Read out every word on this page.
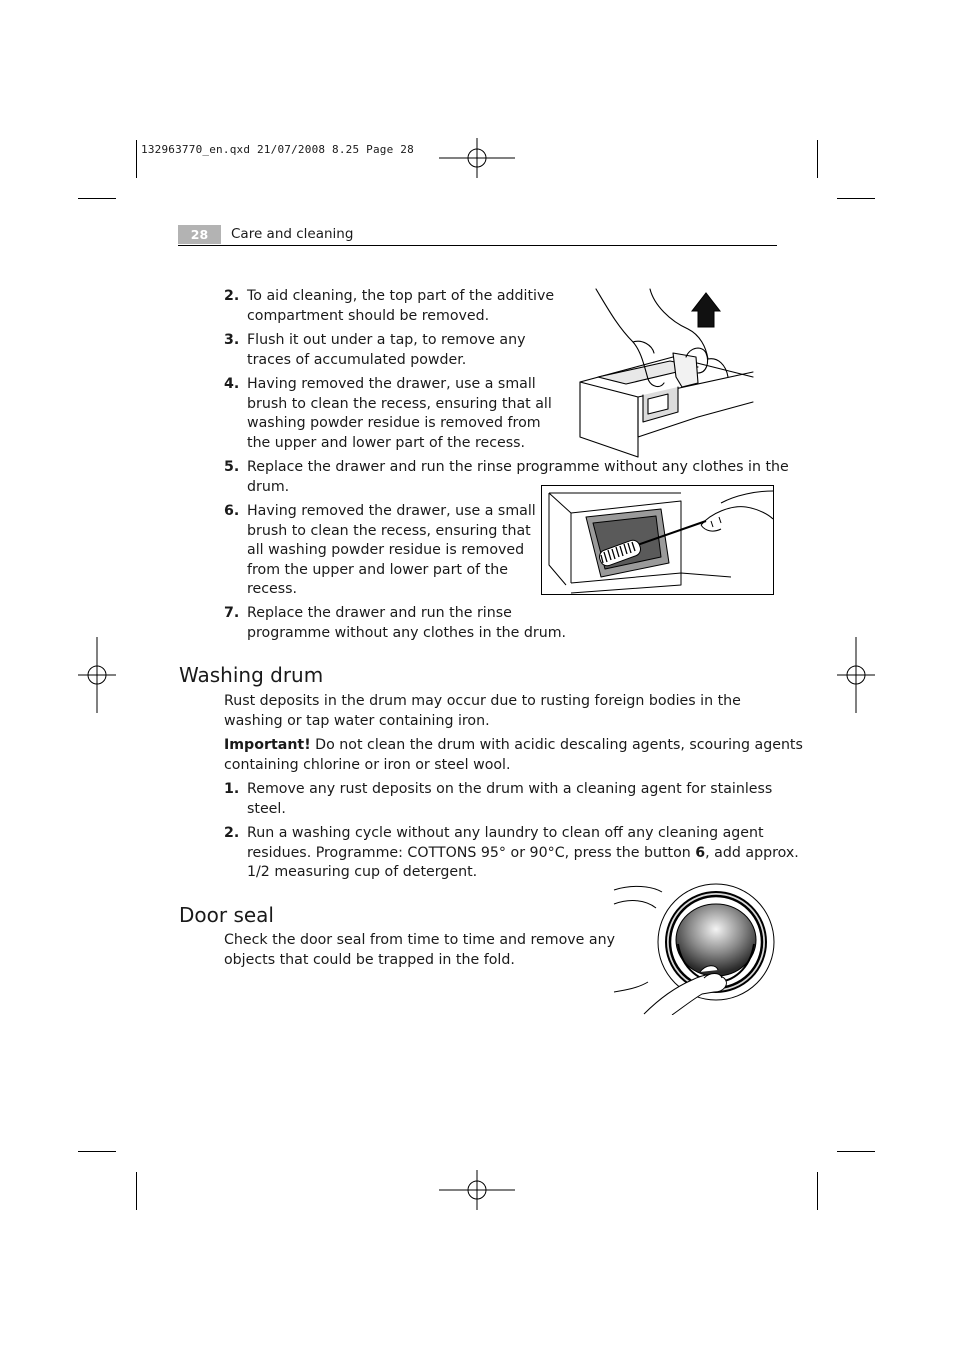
132963770_en.qxd 21/07/2008 8.25 Page 28
28	Care and cleaning
2. To aid cleaning, the top part of the additive
compartment should be removed.
3. Flush it out under a tap, to remove any
traces of accumulated powder.
4. Having removed the drawer, use a small
brush to clean the recess, ensuring that all
washing powder residue is removed from
the upper and lower part of the recess.
5. Replace the drawer and run the rinse programme without any clothes in the
drum.
6. Having removed the drawer, use a small
brush to clean the recess, ensuring that
all washing powder residue is removed
from the upper and lower part of the
recess.
7. Replace the drawer and run the rinse
programme without any clothes in the drum.
Washing drum
Rust deposits in the drum may occur due to rusting foreign bodies in the
washing or tap water containing iron.
Important! Do not clean the drum with acidic descaling agents, scouring agents
containing chlorine or iron or steel wool.
1. Remove any rust deposits on the drum with a cleaning agent for stainless
steel.
2. Run a washing cycle without any laundry to clean off any cleaning agent
residues. Programme: COTTONS 95° or 90°C, press the button 6, add approx.
1/2 measuring cup of detergent.
Door seal
Check the door seal from time to time and remove any
objects that could be trapped in the fold.
